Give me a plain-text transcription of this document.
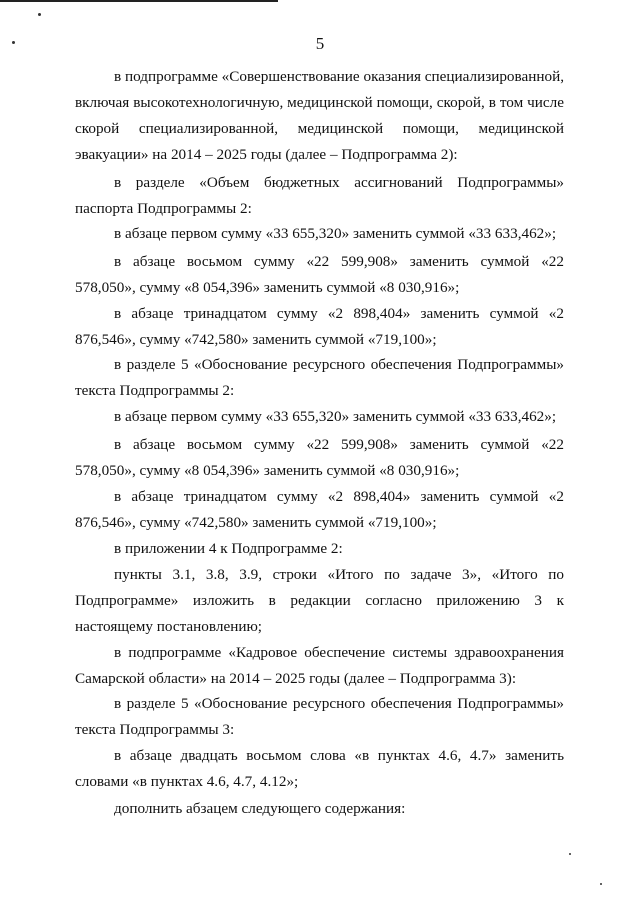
5

в подпрограмме «Совершенствование оказания специализированной, включая высокотехнологичную, медицинской помощи, скорой, в том числе скорой специализированной, медицинской помощи, медицинской эвакуации» на 2014 – 2025 годы (далее – Подпрограмма 2):

в разделе «Объем бюджетных ассигнований Подпрограммы» паспорта Подпрограммы 2:

в абзаце первом сумму «33 655,320» заменить суммой «33 633,462»;

в абзаце восьмом сумму «22 599,908» заменить суммой «22 578,050», сумму «8 054,396» заменить суммой «8 030,916»;

в абзаце тринадцатом сумму «2 898,404» заменить суммой «2 876,546», сумму «742,580» заменить суммой «719,100»;

в разделе 5 «Обоснование ресурсного обеспечения Подпрограммы» текста Подпрограммы 2:

в абзаце первом сумму «33 655,320» заменить суммой «33 633,462»;

в абзаце восьмом сумму «22 599,908» заменить суммой «22 578,050», сумму «8 054,396» заменить суммой «8 030,916»;

в абзаце тринадцатом сумму «2 898,404» заменить суммой «2 876,546», сумму «742,580» заменить суммой «719,100»;

в приложении 4 к Подпрограмме 2:

пункты 3.1, 3.8, 3.9, строки «Итого по задаче 3», «Итого по Подпрограмме» изложить в редакции согласно приложению 3 к настоящему постановлению;

в подпрограмме «Кадровое обеспечение системы здравоохранения Самарской области» на 2014 – 2025 годы (далее – Подпрограмма 3):

в разделе 5 «Обоснование ресурсного обеспечения Подпрограммы» текста Подпрограммы 3:

в абзаце двадцать восьмом слова «в пунктах 4.6, 4.7» заменить словами «в пунктах 4.6, 4.7, 4.12»;

дополнить абзацем следующего содержания:
